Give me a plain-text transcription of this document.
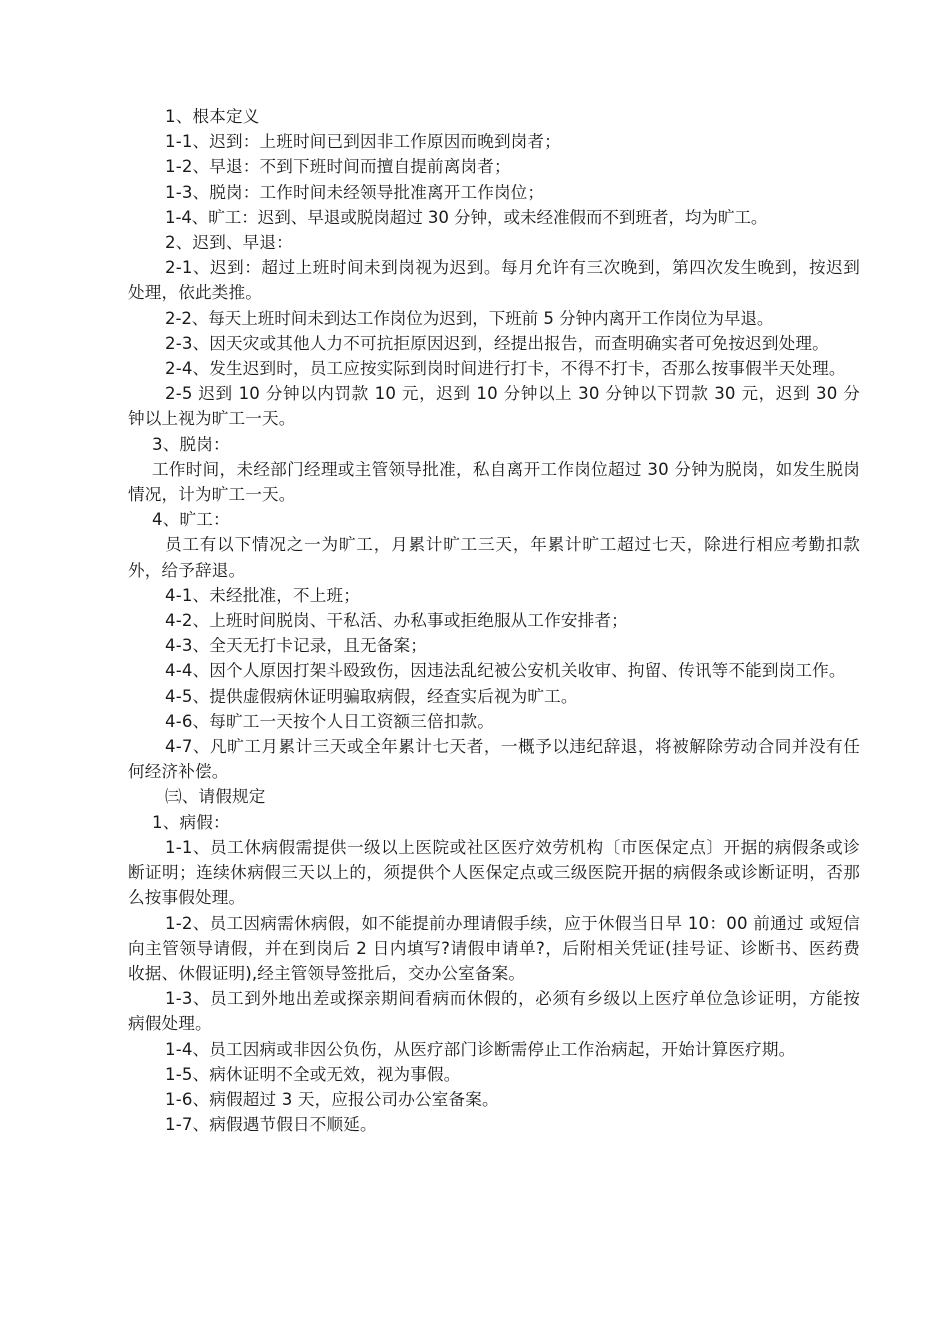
1、根本定义

1-1、迟到：上班时间已到因非工作原因而晚到岗者；

1-2、早退：不到下班时间而擅自提前离岗者；

1-3、脱岗：工作时间未经领导批准离开工作岗位；

1-4、旷工：迟到、早退或脱岗超过 30 分钟，或未经准假而不到班者，均为旷工。

2、迟到、早退：

2-1、迟到：超过上班时间未到岗视为迟到。每月允许有三次晚到，第四次发生晚到，按迟到处理，依此类推。

2-2、每天上班时间未到达工作岗位为迟到，下班前 5 分钟内离开工作岗位为早退。

2-3、因天灾或其他人力不可抗拒原因迟到，经提出报告，而查明确实者可免按迟到处理。

2-4、发生迟到时，员工应按实际到岗时间进行打卡，不得不打卡，否那么按事假半天处理。

2-5 迟到 10 分钟以内罚款 10 元，迟到 10 分钟以上 30 分钟以下罚款 30 元，迟到 30 分钟以上视为旷工一天。

3、脱岗：

工作时间，未经部门经理或主管领导批准，私自离开工作岗位超过 30 分钟为脱岗，如发生脱岗情况，计为旷工一天。

4、旷工：

员工有以下情况之一为旷工，月累计旷工三天，年累计旷工超过七天，除进行相应考勤扣款外，给予辞退。

4-1、未经批准，不上班；

4-2、上班时间脱岗、干私活、办私事或拒绝服从工作安排者；

4-3、全天无打卡记录，且无备案；

4-4、因个人原因打架斗殴致伤，因违法乱纪被公安机关收审、拘留、传讯等不能到岗工作。

4-5、提供虚假病休证明骗取病假，经查实后视为旷工。

4-6、每旷工一天按个人日工资额三倍扣款。

4-7、凡旷工月累计三天或全年累计七天者，一概予以违纪辞退，将被解除劳动合同并没有任何经济补偿。

㈢、请假规定

1、病假：

1-1、员工休病假需提供一级以上医院或社区医疗效劳机构〔市医保定点〕开据的病假条或诊断证明；连续休病假三天以上的，须提供个人医保定点或三级医院开据的病假条或诊断证明，否那么按事假处理。

1-2、员工因病需休病假，如不能提前办理请假手续，应于休假当日早 10：00 前通过 或短信向主管领导请假，并在到岗后 2 日内填写?请假申请单?，后附相关凭证(挂号证、诊断书、医药费收据、休假证明),经主管领导签批后，交办公室备案。

1-3、员工到外地出差或探亲期间看病而休假的，必须有乡级以上医疗单位急诊证明，方能按病假处理。

1-4、员工因病或非因公负伤，从医疗部门诊断需停止工作治病起，开始计算医疗期。

1-5、病休证明不全或无效，视为事假。

1-6、病假超过 3 天，应报公司办公室备案。

1-7、病假遇节假日不顺延。
